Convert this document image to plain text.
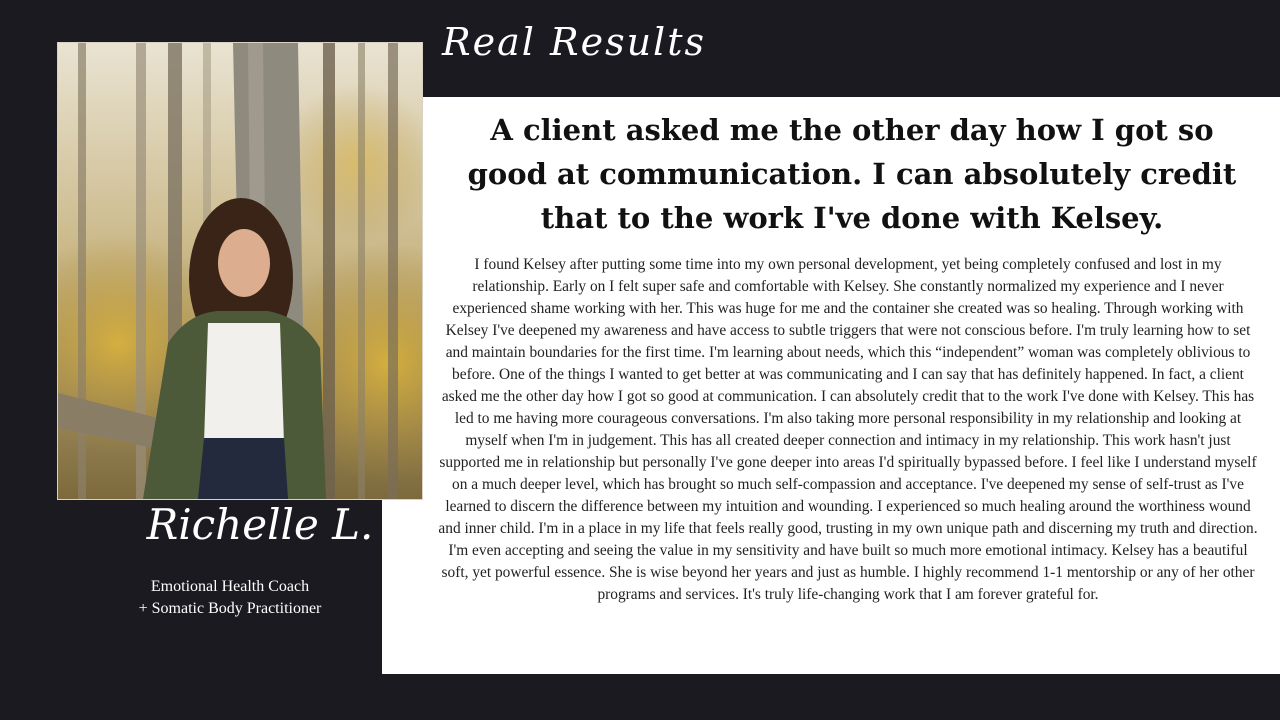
Real Results

A client asked me the other day how I got so good at communication. I can absolutely credit that to the work I've done with Kelsey.

I found Kelsey after putting some time into my own personal development, yet being completely confused and lost in my relationship. Early on I felt super safe and comfortable with Kelsey. She constantly normalized my experience and I never experienced shame working with her. This was huge for me and the container she created was so healing. Through working with Kelsey I've deepened my awareness and have access to subtle triggers that were not conscious before. I'm truly learning how to set and maintain boundaries for the first time. I'm learning about needs, which this “independent” woman was completely oblivious to before. One of the things I wanted to get better at was communicating and I can say that has definitely happened. In fact, a client asked me the other day how I got so good at communication. I can absolutely credit that to the work I've done with Kelsey. This has led to me having more courageous conversations. I'm also taking more personal responsibility in my relationship and looking at myself when I'm in judgement. This has all created deeper connection and intimacy in my relationship. This work hasn't just supported me in relationship but personally I've gone deeper into areas I'd spiritually bypassed before. I feel like I understand myself on a much deeper level, which has brought so much self-compassion and acceptance. I've deepened my sense of self-trust as I've learned to discern the difference between my intuition and wounding. I experienced so much healing around the worthiness wound and inner child. I'm in a place in my life that feels really good, trusting in my own unique path and discerning my truth and direction. I'm even accepting and seeing the value in my sensitivity and have built so much more emotional intimacy. Kelsey has a beautiful soft, yet powerful essence. She is wise beyond her years and just as humble. I highly recommend 1-1 mentorship or any of her other programs and services. It's truly life-changing work that I am forever grateful for.

Richelle L.
Emotional Health Coach
+ Somatic Body Practitioner
